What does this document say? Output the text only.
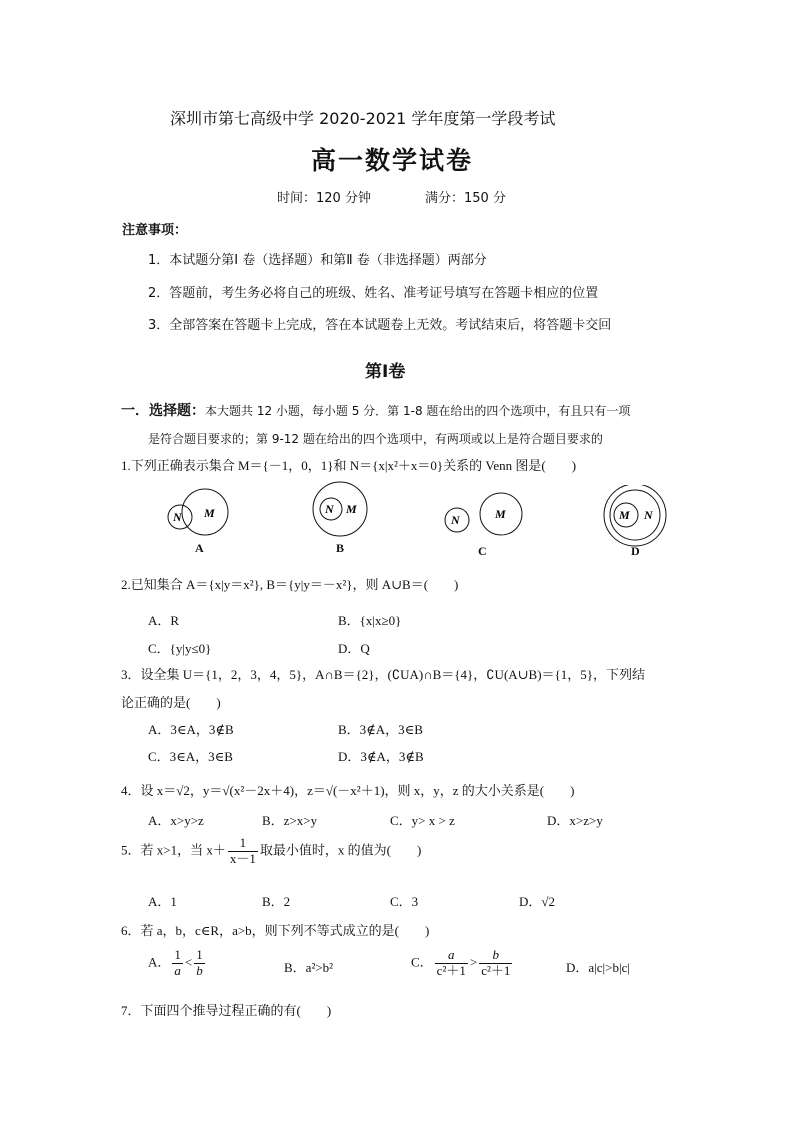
深圳市第七高级中学 2020-2021 学年度第一学段考试
高一数学试卷
时间：120 分钟	满分：150 分
注意事项：
1．本试题分第Ⅰ 卷（选择题）和第Ⅱ 卷（非选择题）两部分
2．答题前，考生务必将自己的班级、姓名、准考证号填写在答题卡相应的位置
3．全部答案在答题卡上完成，答在本试题卷上无效。考试结束后，将答题卡交回
第Ⅰ卷
一．选择题：本大题共 12 小题，每小题 5 分．第 1-8 题在给出的四个选项中，有且只有一项
是符合题目要求的；第 9-12 题在给出的四个选项中，有两项或以上是符合题目要求的
1.下列正确表示集合 M＝{－1，0，1}和 N＝{x|x²＋x＝0}关系的 Venn 图是(　　)
N M
A
N M
B
N	M
C
M N
D
2.已知集合 A＝{x|y＝x²}, B＝{y|y＝－x²}，则 A∪B＝(　　)
A．R	B．{x|x≥0}
C．{y|y≤0}	D．Q
3．设全集 U＝{1，2，3，4，5}，A∩B＝{2}，(∁UA)∩B＝{4}，∁U(A∪B)＝{1，5}，下列结
论正确的是(　　)
A．3∈A，3∉B	B．3∉A，3∈B
C．3∈A，3∈B	D．3∉A，3∉B
4．设 x＝√2，y＝√(x²－2x＋4)，z＝√(－x²＋1)，则 x，y，z 的大小关系是(　　)
A．x>y>z	B．z>x>y	C．y> x > z	D．x>z>y
5．若 x>1，当 $x+ \frac{1}{x-1}$ 取最小值时，x 的值为(　　)
A．1	B．2	C．3	D．√2
6．若 a，b，c∈R，a>b，则下列不等式成立的是(　　)
A． $\frac{1}{a} < \frac{1}{b}$	B．a²>b²	C． $\frac{a}{\text{c²＋1}} > \frac{b}{\text{c²＋1}}$	D．a|c|>b|c|
7．下面四个推导过程正确的有(　　)
